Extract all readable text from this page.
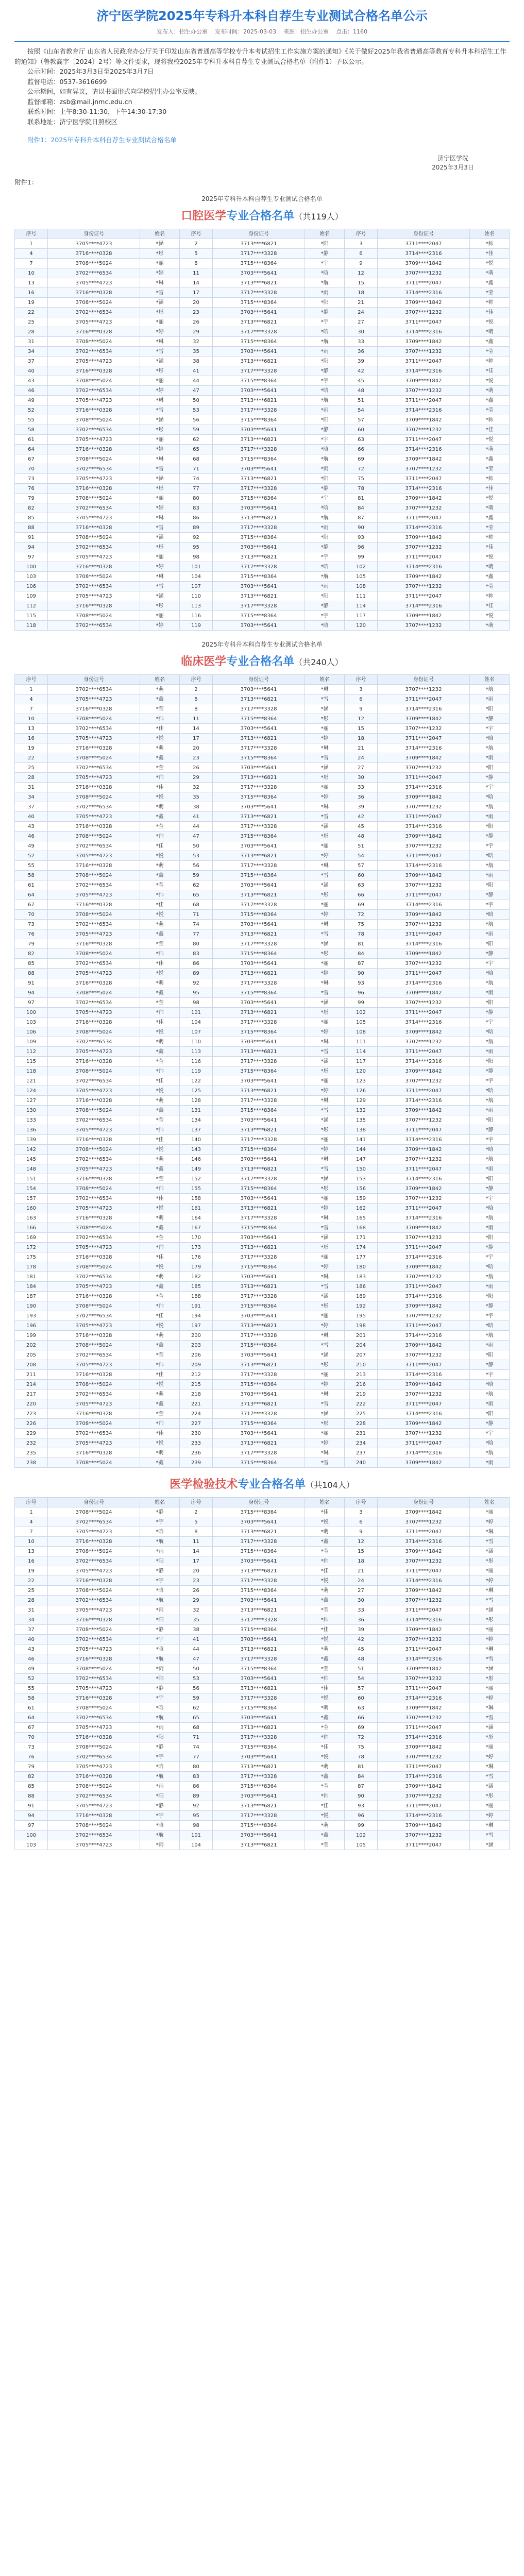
济宁医学院2025年专科升本科自荐生专业测试合格名单公示
发布人：招生办公室 发布时间：2025-03-03 来源：招生办公室 点击：1160

按照《山东省教育厅 山东省人民政府办公厅关于印发山东省普通高等学校专升本考试招生工作实施方案的通知》《关于做好2025年我省普通高等教育专科升本科招生工作的通知》（鲁教高字〔2024〕2号）等文件要求，现将我校2025年专科升本科自荐生专业测试合格名单（附件1）予以公示。

公示时间：2025年3月3日至2025年3月7日

监督电话：0537-3616699

公示期间，如有异议，请以书面形式向学校招生办公室反映。

监督邮箱：zsb@mail.jnmc.edu.cn

联系时间：上午8:30-11:30，下午14:30-17:30

联系地址：济宁医学院日照校区

附件1：2025年专科升本科自荐生专业测试合格名单

济宁医学院
2025年3月3日

附件1：

2025年专科升本科自荐生专业测试合格名单
口腔医学专业合格名单（共119人）
序号	身份证号	姓名	序号	身份证号	姓名	序号	身份证号	姓名
1	3705****4723	*涵	2	3713****6821	*阳	3	3711****2047	*帅
4	3716****0328	*彤	5	3717****3328	*静	6	3714****2316	*佳
7	3708****5024	*丽	8	3715****8364	*宇	9	3709****1842	*悦
10	3702****6534	*婷	11	3703****5641	*晗	12	3707****1232	*萌
13	3705****4723	*琳	14	3713****6821	*航	15	3711****2047	*鑫
16	3716****0328	*雪	17	3717****3328	*雨	18	3714****2316	*莹
19	3708****5024	*涵	20	3715****8364	*阳	21	3709****1842	*帅
22	3702****6534	*彤	23	3703****5641	*静	24	3707****1232	*佳
25	3705****4723	*丽	26	3713****6821	*宇	27	3711****2047	*悦
28	3716****0328	*婷	29	3717****3328	*晗	30	3714****2316	*萌
31	3708****5024	*琳	32	3715****8364	*航	33	3709****1842	*鑫
34	3702****6534	*雪	35	3703****5641	*雨	36	3707****1232	*莹
37	3705****4723	*涵	38	3713****6821	*阳	39	3711****2047	*帅
40	3716****0328	*彤	41	3717****3328	*静	42	3714****2316	*佳
43	3708****5024	*丽	44	3715****8364	*宇	45	3709****1842	*悦
46	3702****6534	*婷	47	3703****5641	*晗	48	3707****1232	*萌
49	3705****4723	*琳	50	3713****6821	*航	51	3711****2047	*鑫
52	3716****0328	*雪	53	3717****3328	*雨	54	3714****2316	*莹
55	3708****5024	*涵	56	3715****8364	*阳	57	3709****1842	*帅
58	3702****6534	*彤	59	3703****5641	*静	60	3707****1232	*佳
61	3705****4723	*丽	62	3713****6821	*宇	63	3711****2047	*悦
64	3716****0328	*婷	65	3717****3328	*晗	66	3714****2316	*萌
67	3708****5024	*琳	68	3715****8364	*航	69	3709****1842	*鑫
70	3702****6534	*雪	71	3703****5641	*雨	72	3707****1232	*莹
73	3705****4723	*涵	74	3713****6821	*阳	75	3711****2047	*帅
76	3716****0328	*彤	77	3717****3328	*静	78	3714****2316	*佳
79	3708****5024	*丽	80	3715****8364	*宇	81	3709****1842	*悦
82	3702****6534	*婷	83	3703****5641	*晗	84	3707****1232	*萌
85	3705****4723	*琳	86	3713****6821	*航	87	3711****2047	*鑫
88	3716****0328	*雪	89	3717****3328	*雨	90	3714****2316	*莹
91	3708****5024	*涵	92	3715****8364	*阳	93	3709****1842	*帅
94	3702****6534	*彤	95	3703****5641	*静	96	3707****1232	*佳
97	3705****4723	*丽	98	3713****6821	*宇	99	3711****2047	*悦
100	3716****0328	*婷	101	3717****3328	*晗	102	3714****2316	*萌
103	3708****5024	*琳	104	3715****8364	*航	105	3709****1842	*鑫
106	3702****6534	*雪	107	3703****5641	*雨	108	3707****1232	*莹
109	3705****4723	*涵	110	3713****6821	*阳	111	3711****2047	*帅
112	3716****0328	*彤	113	3717****3328	*静	114	3714****2316	*佳
115	3708****5024	*丽	116	3715****8364	*宇	117	3709****1842	*悦
118	3702****6534	*婷	119	3703****5641	*晗	120	3707****1232	*萌
2025年专科升本科自荐生专业测试合格名单
临床医学专业合格名单（共240人）
序号	身份证号	姓名	序号	身份证号	姓名	序号	身份证号	姓名
1	3702****6534	*萌	2	3703****5641	*琳	3	3707****1232	*航
4	3705****4723	*鑫	5	3713****6821	*雪	6	3711****2047	*雨
7	3716****0328	*莹	8	3717****3328	*涵	9	3714****2316	*阳
10	3708****5024	*帅	11	3715****8364	*彤	12	3709****1842	*静
13	3702****6534	*佳	14	3703****5641	*丽	15	3707****1232	*宇
16	3705****4723	*悦	17	3713****6821	*婷	18	3711****2047	*晗
19	3716****0328	*萌	20	3717****3328	*琳	21	3714****2316	*航
22	3708****5024	*鑫	23	3715****8364	*雪	24	3709****1842	*雨
25	3702****6534	*莹	26	3703****5641	*涵	27	3707****1232	*阳
28	3705****4723	*帅	29	3713****6821	*彤	30	3711****2047	*静
31	3716****0328	*佳	32	3717****3328	*丽	33	3714****2316	*宇
34	3708****5024	*悦	35	3715****8364	*婷	36	3709****1842	*晗
37	3702****6534	*萌	38	3703****5641	*琳	39	3707****1232	*航
40	3705****4723	*鑫	41	3713****6821	*雪	42	3711****2047	*雨
43	3716****0328	*莹	44	3717****3328	*涵	45	3714****2316	*阳
46	3708****5024	*帅	47	3715****8364	*彤	48	3709****1842	*静
49	3702****6534	*佳	50	3703****5641	*丽	51	3707****1232	*宇
52	3705****4723	*悦	53	3713****6821	*婷	54	3711****2047	*晗
55	3716****0328	*萌	56	3717****3328	*琳	57	3714****2316	*航
58	3708****5024	*鑫	59	3715****8364	*雪	60	3709****1842	*雨
61	3702****6534	*莹	62	3703****5641	*涵	63	3707****1232	*阳
64	3705****4723	*帅	65	3713****6821	*彤	66	3711****2047	*静
67	3716****0328	*佳	68	3717****3328	*丽	69	3714****2316	*宇
70	3708****5024	*悦	71	3715****8364	*婷	72	3709****1842	*晗
73	3702****6534	*萌	74	3703****5641	*琳	75	3707****1232	*航
76	3705****4723	*鑫	77	3713****6821	*雪	78	3711****2047	*雨
79	3716****0328	*莹	80	3717****3328	*涵	81	3714****2316	*阳
82	3708****5024	*帅	83	3715****8364	*彤	84	3709****1842	*静
85	3702****6534	*佳	86	3703****5641	*丽	87	3707****1232	*宇
88	3705****4723	*悦	89	3713****6821	*婷	90	3711****2047	*晗
91	3716****0328	*萌	92	3717****3328	*琳	93	3714****2316	*航
94	3708****5024	*鑫	95	3715****8364	*雪	96	3709****1842	*雨
97	3702****6534	*莹	98	3703****5641	*涵	99	3707****1232	*阳
100	3705****4723	*帅	101	3713****6821	*彤	102	3711****2047	*静
103	3716****0328	*佳	104	3717****3328	*丽	105	3714****2316	*宇
106	3708****5024	*悦	107	3715****8364	*婷	108	3709****1842	*晗
109	3702****6534	*萌	110	3703****5641	*琳	111	3707****1232	*航
112	3705****4723	*鑫	113	3713****6821	*雪	114	3711****2047	*雨
115	3716****0328	*莹	116	3717****3328	*涵	117	3714****2316	*阳
118	3708****5024	*帅	119	3715****8364	*彤	120	3709****1842	*静
121	3702****6534	*佳	122	3703****5641	*丽	123	3707****1232	*宇
124	3705****4723	*悦	125	3713****6821	*婷	126	3711****2047	*晗
127	3716****0328	*萌	128	3717****3328	*琳	129	3714****2316	*航
130	3708****5024	*鑫	131	3715****8364	*雪	132	3709****1842	*雨
133	3702****6534	*莹	134	3703****5641	*涵	135	3707****1232	*阳
136	3705****4723	*帅	137	3713****6821	*彤	138	3711****2047	*静
139	3716****0328	*佳	140	3717****3328	*丽	141	3714****2316	*宇
142	3708****5024	*悦	143	3715****8364	*婷	144	3709****1842	*晗
145	3702****6534	*萌	146	3703****5641	*琳	147	3707****1232	*航
148	3705****4723	*鑫	149	3713****6821	*雪	150	3711****2047	*雨
151	3716****0328	*莹	152	3717****3328	*涵	153	3714****2316	*阳
154	3708****5024	*帅	155	3715****8364	*彤	156	3709****1842	*静
157	3702****6534	*佳	158	3703****5641	*丽	159	3707****1232	*宇
160	3705****4723	*悦	161	3713****6821	*婷	162	3711****2047	*晗
163	3716****0328	*萌	164	3717****3328	*琳	165	3714****2316	*航
166	3708****5024	*鑫	167	3715****8364	*雪	168	3709****1842	*雨
169	3702****6534	*莹	170	3703****5641	*涵	171	3707****1232	*阳
172	3705****4723	*帅	173	3713****6821	*彤	174	3711****2047	*静
175	3716****0328	*佳	176	3717****3328	*丽	177	3714****2316	*宇
178	3708****5024	*悦	179	3715****8364	*婷	180	3709****1842	*晗
181	3702****6534	*萌	182	3703****5641	*琳	183	3707****1232	*航
184	3705****4723	*鑫	185	3713****6821	*雪	186	3711****2047	*雨
187	3716****0328	*莹	188	3717****3328	*涵	189	3714****2316	*阳
190	3708****5024	*帅	191	3715****8364	*彤	192	3709****1842	*静
193	3702****6534	*佳	194	3703****5641	*丽	195	3707****1232	*宇
196	3705****4723	*悦	197	3713****6821	*婷	198	3711****2047	*晗
199	3716****0328	*萌	200	3717****3328	*琳	201	3714****2316	*航
202	3708****5024	*鑫	203	3715****8364	*雪	204	3709****1842	*雨
205	3702****6534	*莹	206	3703****5641	*涵	207	3707****1232	*阳
208	3705****4723	*帅	209	3713****6821	*彤	210	3711****2047	*静
211	3716****0328	*佳	212	3717****3328	*丽	213	3714****2316	*宇
214	3708****5024	*悦	215	3715****8364	*婷	216	3709****1842	*晗
217	3702****6534	*萌	218	3703****5641	*琳	219	3707****1232	*航
220	3705****4723	*鑫	221	3713****6821	*雪	222	3711****2047	*雨
223	3716****0328	*莹	224	3717****3328	*涵	225	3714****2316	*阳
226	3708****5024	*帅	227	3715****8364	*彤	228	3709****1842	*静
229	3702****6534	*佳	230	3703****5641	*丽	231	3707****1232	*宇
232	3705****4723	*悦	233	3713****6821	*婷	234	3711****2047	*晗
235	3716****0328	*萌	236	3717****3328	*琳	237	3714****2316	*航
238	3708****5024	*鑫	239	3715****8364	*雪	240	3709****1842	*雨
医学检验技术专业合格名单（共104人）
序号	身份证号	姓名	序号	身份证号	姓名	序号	身份证号	姓名
1	3708****5024	*静	2	3715****8364	*佳	3	3709****1842	*丽
4	3702****6534	*宇	5	3703****5641	*悦	6	3707****1232	*婷
7	3705****4723	*晗	8	3713****6821	*萌	9	3711****2047	*琳
10	3716****0328	*航	11	3717****3328	*鑫	12	3714****2316	*雪
13	3708****5024	*雨	14	3715****8364	*莹	15	3709****1842	*涵
16	3702****6534	*阳	17	3703****5641	*帅	18	3707****1232	*彤
19	3705****4723	*静	20	3713****6821	*佳	21	3711****2047	*丽
22	3716****0328	*宇	23	3717****3328	*悦	24	3714****2316	*婷
25	3708****5024	*晗	26	3715****8364	*萌	27	3709****1842	*琳
28	3702****6534	*航	29	3703****5641	*鑫	30	3707****1232	*雪
31	3705****4723	*雨	32	3713****6821	*莹	33	3711****2047	*涵
34	3716****0328	*阳	35	3717****3328	*帅	36	3714****2316	*彤
37	3708****5024	*静	38	3715****8364	*佳	39	3709****1842	*丽
40	3702****6534	*宇	41	3703****5641	*悦	42	3707****1232	*婷
43	3705****4723	*晗	44	3713****6821	*萌	45	3711****2047	*琳
46	3716****0328	*航	47	3717****3328	*鑫	48	3714****2316	*雪
49	3708****5024	*雨	50	3715****8364	*莹	51	3709****1842	*涵
52	3702****6534	*阳	53	3703****5641	*帅	54	3707****1232	*彤
55	3705****4723	*静	56	3713****6821	*佳	57	3711****2047	*丽
58	3716****0328	*宇	59	3717****3328	*悦	60	3714****2316	*婷
61	3708****5024	*晗	62	3715****8364	*萌	63	3709****1842	*琳
64	3702****6534	*航	65	3703****5641	*鑫	66	3707****1232	*雪
67	3705****4723	*雨	68	3713****6821	*莹	69	3711****2047	*涵
70	3716****0328	*阳	71	3717****3328	*帅	72	3714****2316	*彤
73	3708****5024	*静	74	3715****8364	*佳	75	3709****1842	*丽
76	3702****6534	*宇	77	3703****5641	*悦	78	3707****1232	*婷
79	3705****4723	*晗	80	3713****6821	*萌	81	3711****2047	*琳
82	3716****0328	*航	83	3717****3328	*鑫	84	3714****2316	*雪
85	3708****5024	*雨	86	3715****8364	*莹	87	3709****1842	*涵
88	3702****6534	*阳	89	3703****5641	*帅	90	3707****1232	*彤
91	3705****4723	*静	92	3713****6821	*佳	93	3711****2047	*丽
94	3716****0328	*宇	95	3717****3328	*悦	96	3714****2316	*婷
97	3708****5024	*晗	98	3715****8364	*萌	99	3709****1842	*琳
100	3702****6534	*航	101	3703****5641	*鑫	102	3707****1232	*雪
103	3705****4723	*雨	104	3713****6821	*莹	105	3711****2047	*涵
